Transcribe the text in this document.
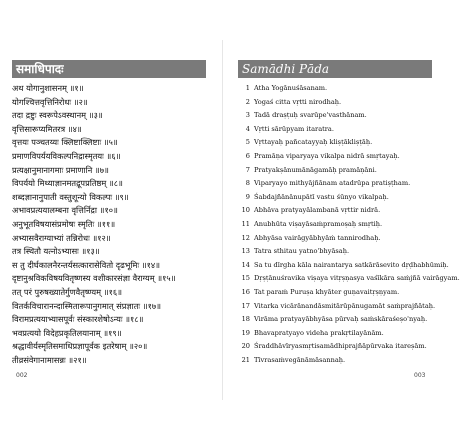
समाधिपादः
अथ योगानुशासनम् ॥१॥
योगश्चित्तवृत्तिनिरोधः ॥२॥
तदा द्रष्टुः स्वरूपेऽवस्थानम् ॥३॥
वृत्तिसारूप्यमितरत्र ॥४॥
वृत्तयः पञ्चतय्यः क्लिष्टाक्लिष्टाः ॥५॥
प्रमाणविपर्ययविकल्पनिद्रास्मृतयः ॥६॥
प्रत्यक्षानुमानागमाः प्रमाणानि ॥७॥
विपर्ययो मिथ्याज्ञानमतद्रूपप्रतिष्ठम् ॥८॥
शब्दज्ञानानुपाती वस्तुशून्यो विकल्पः ॥९॥
अभावप्रत्ययालम्बना वृत्तिर्निद्रा ॥१०॥
अनुभूतविषयासंप्रमोषः स्मृतिः ॥११॥
अभ्यासवैराग्याभ्यां तन्निरोधः ॥१२॥
तत्र स्थितौ यत्नोऽभ्यासः ॥१३॥
स तु दीर्घकालनैरन्तर्यसत्कारासेवितो दृढभूमिः ॥१४॥
दृष्टानुश्रविकविषयवितृष्णस्य वशीकारसंज्ञा वैराग्यम् ॥१५॥
तत् परं पुरुषख्यातेर्गुणवैतृष्ण्यम् ॥१६॥
वितर्कविचारानन्दास्मितारूपानुगमात् संप्रज्ञातः ॥१७॥
विरामप्रत्ययाभ्यासपूर्वः संस्कारशेषोऽन्यः ॥१८॥
भवप्रत्ययो विदेहप्रकृतिलयानाम् ॥१९॥
श्रद्धावीर्यस्मृतिसमाधिप्रज्ञापूर्वक इतरेषाम् ॥२०॥
तीव्रसंवेगानामासन्नः ॥२१॥
Samādhi Pāda
1 Atha Yogānuśāsanam.
2 Yogaś citta vṛtti nirodhaḥ.
3 Tadā draṣṭuḥ svarūpe'vasthānam.
4 Vṛtti sārūpyam itaratra.
5 Vṛttayaḥ pañcatayyaḥ kliṣṭākliṣṭāḥ.
6 Pramāṇa viparyaya vikalpa nidrā smṛtayaḥ.
7 Pratyakṣānumānāgamāḥ pramāṇāni.
8 Viparyayo mithyājñānam atadrūpa pratiṣṭham.
9 Śabdajñānānupātī vastu śūnyo vikalpaḥ.
10 Abhāva pratyayālambanā vṛttir nidrā.
11 Anubhūta viṣayāsaṁpramoṣaḥ smṛtiḥ.
12 Abhyāsa vairāgyābhyāṁ tannirodhaḥ.
13 Tatra sthitau yatno'bhyāsaḥ.
14 Sa tu dīrgha kāla nairantarya satkārāsevito dṛḍhabhūmiḥ.
15 Dṛṣṭānuśravika viṣaya vitṛṣṇasya vaśīkāra saṁjñā vairāgyam.
16 Tat paraṁ Puruṣa khyāter guṇavaitṛṣṇyam.
17 Vitarka vicārānandāsmitārūpānugamāt saṁprajñātaḥ.
18 Virāma pratyayābhyāsa pūrvaḥ saṁskāraśeṣo'nyaḥ.
19 Bhavapratyayo videha prakṛtilayānām.
20 Śraddhāvīryasmṛtisamādhiprajñāpūrvaka itareṣām.
21 Tīvrasaṁvegānāmāsannaḥ.
002	003
